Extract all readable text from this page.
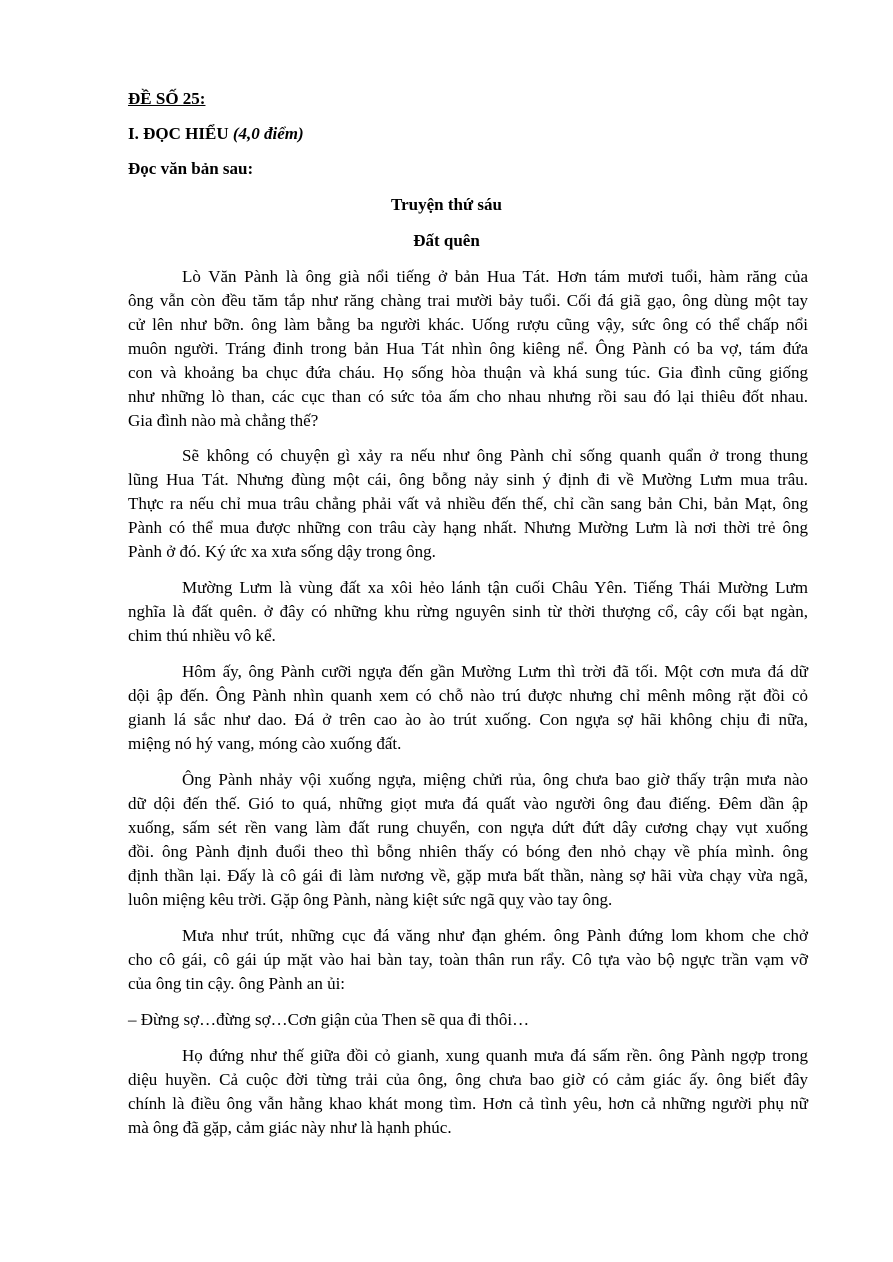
ĐỀ SỐ 25:
I. ĐỌC HIỂU (4,0 điểm)
Đọc văn bản sau:
Truyện thứ sáu
Đất quên
Lò Văn Pành là ông già nổi tiếng ở bản Hua Tát. Hơn tám mươi tuổi, hàm răng của
ông vẫn còn đều tăm tắp như răng chàng trai mười bảy tuổi. Cối đá giã gạo, ông dùng một tay
cử lên như bỡn. ông làm bằng ba người khác. Uống rượu cũng vậy, sức ông có thể chấp nổi
muôn người. Tráng đinh trong bản Hua Tát nhìn ông kiêng nể. Ông Pành có ba vợ, tám đứa
con và khoảng ba chục đứa cháu. Họ sống hòa thuận và khá sung túc. Gia đình cũng giống
như những lò than, các cục than có sức tỏa ấm cho nhau nhưng rồi sau đó lại thiêu đốt nhau.
Gia đình nào mà chẳng thế?
Sẽ không có chuyện gì xảy ra nếu như ông Pành chỉ sống quanh quẩn ở trong thung
lũng Hua Tát. Nhưng đùng một cái, ông bỗng nảy sinh ý định đi về Mường Lưm mua trâu.
Thực ra nếu chỉ mua trâu chẳng phải vất vả nhiều đến thế, chỉ cần sang bản Chi, bản Mạt, ông
Pành có thể mua được những con trâu cày hạng nhất. Nhưng Mường Lưm là nơi thời trẻ ông
Pành ở đó. Ký ức xa xưa sống dậy trong ông.
Mường Lưm là vùng đất xa xôi hẻo lánh tận cuối Châu Yên. Tiếng Thái Mường Lưm
nghĩa là đất quên. ở đây có những khu rừng nguyên sinh từ thời thượng cổ, cây cối bạt ngàn,
chim thú nhiều vô kể.
Hôm ấy, ông Pành cưỡi ngựa đến gần Mường Lưm thì trời đã tối. Một cơn mưa đá dữ
dội ập đến. Ông Pành nhìn quanh xem có chỗ nào trú được nhưng chỉ mênh mông rặt đồi cỏ
gianh lá sắc như dao. Đá ở trên cao ào ào trút xuống. Con ngựa sợ hãi không chịu đi nữa,
miệng nó hý vang, móng cào xuống đất.
Ông Pành nhảy vội xuống ngựa, miệng chửi rủa, ông chưa bao giờ thấy trận mưa nào
dữ dội đến thế. Gió to quá, những giọt mưa đá quất vào người ông đau điếng. Đêm dần ập
xuống, sấm sét rền vang làm đất rung chuyển, con ngựa dứt đứt dây cương chạy vụt xuống
đồi. ông Pành định đuổi theo thì bỗng nhiên thấy có bóng đen nhỏ chạy về phía mình. ông
định thần lại. Đấy là cô gái đi làm nương về, gặp mưa bất thần, nàng sợ hãi vừa chạy vừa ngã,
luôn miệng kêu trời. Gặp ông Pành, nàng kiệt sức ngã quỵ vào tay ông.
Mưa như trút, những cục đá văng như đạn ghém. ông Pành đứng lom khom che chở
cho cô gái, cô gái úp mặt vào hai bàn tay, toàn thân run rẩy. Cô tựa vào bộ ngực trần vạm vỡ
của ông tin cậy. ông Pành an ủi:
– Đừng sợ…đừng sợ…Cơn giận của Then sẽ qua đi thôi…
Họ đứng như thế giữa đồi cỏ gianh, xung quanh mưa đá sấm rền. ông Pành ngợp trong
diệu huyền. Cả cuộc đời từng trải của ông, ông chưa bao giờ có cảm giác ấy. ông biết đây
chính là điều ông vẫn hằng khao khát mong tìm. Hơn cả tình yêu, hơn cả những người phụ nữ
mà ông đã gặp, cảm giác này như là hạnh phúc.
